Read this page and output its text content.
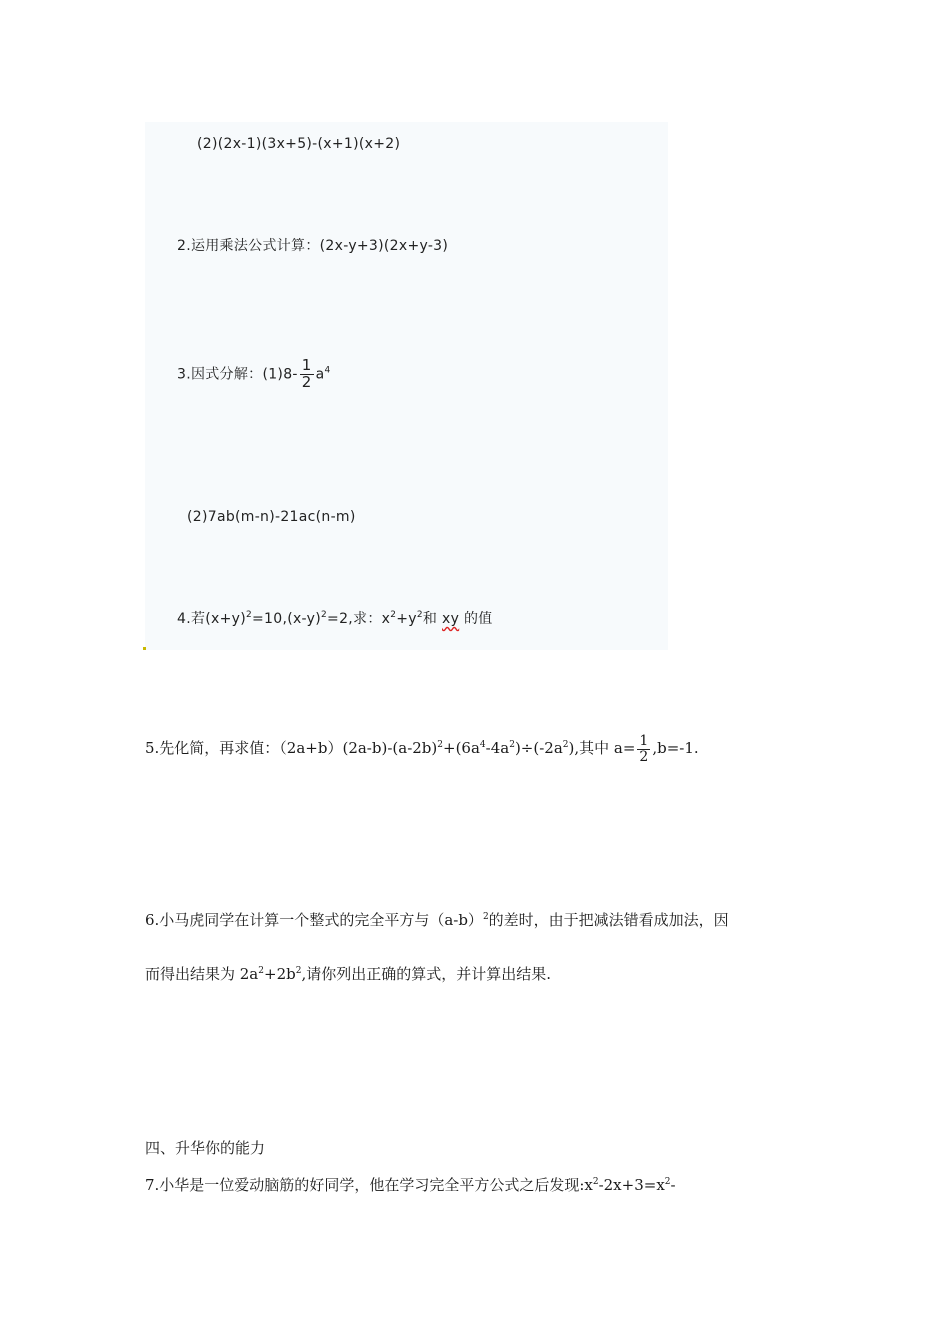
(2)(2x-1)(3x+5)-(x+1)(x+2)
2.运用乘法公式计算：(2x-y+3)(2x+y-3)
3.因式分解：$(1)8- \frac{1}{2} a^4$
(2)7ab(m-n)-21ac(n-m)
4.若$(x+y)^2=10,(x-y)^2=2$,求：$x^2+y^2$和 xy 的值
5.先化简，再求值：$(2a+b)(2a-b)-(a-2b)^2+(6a^4-4a^2)\div(-2a^2)$,其中 $a= \frac{1}{2} ,b=-1$.
6.小马虎同学在计算一个整式的完全平方与$(a-b)^2$的差时，由于把减法错看成加法，因
而得出结果为 $2a^2+2b^2$,请你列出正确的算式，并计算出结果.
四、升华你的能力
7.小华是一位爱动脑筋的好同学，他在学习完全平方公式之后发现$:x^2-2x+3=x^2-$
